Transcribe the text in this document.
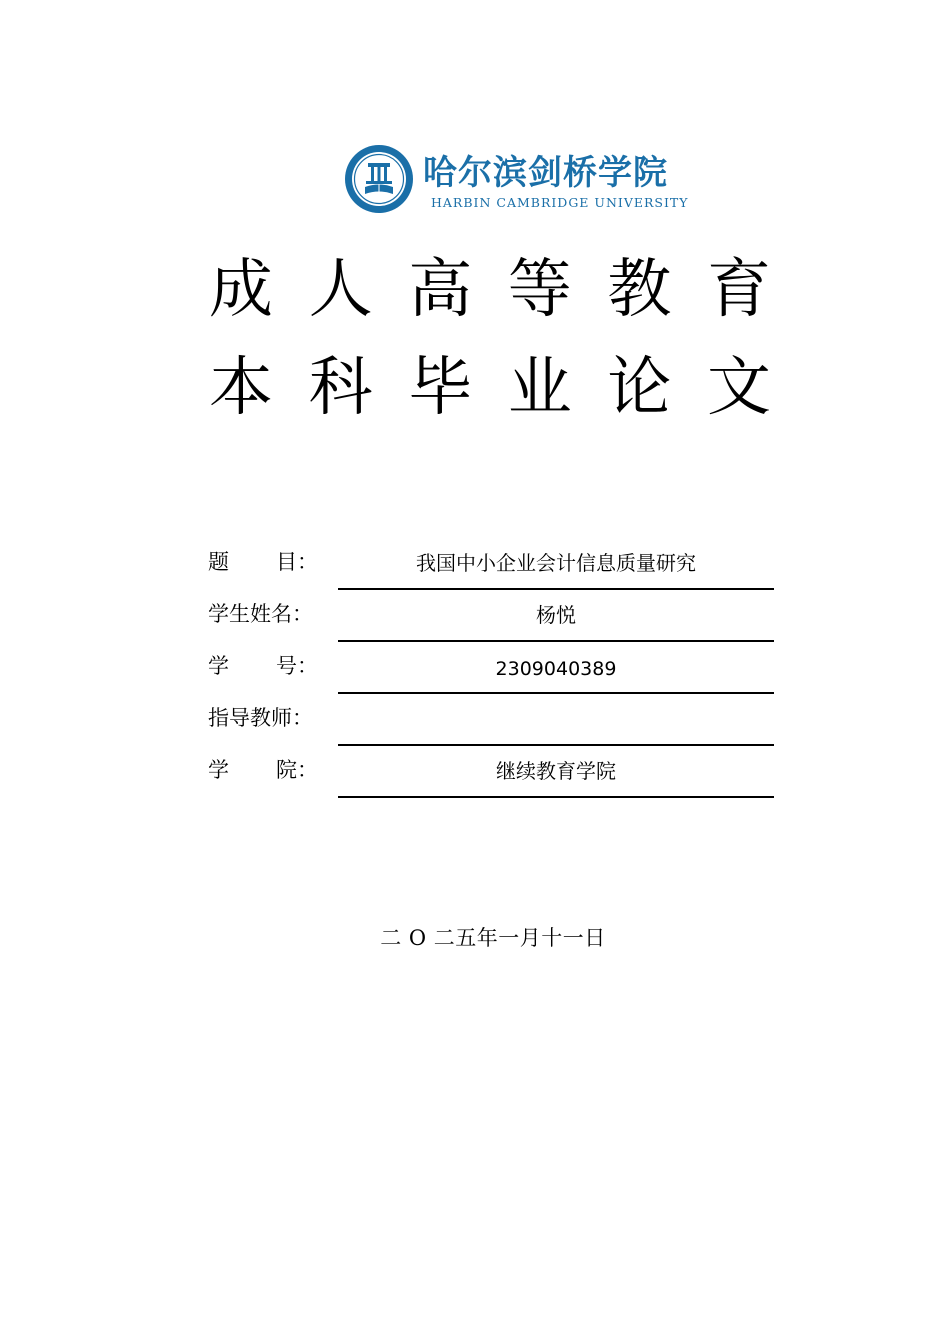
哈尔滨剑桥学院
HARBIN CAMBRIDGE UNIVERSITY
成 人 高 等 教 育
本 科 毕 业 论 文
题 目：	我国中小企业会计信息质量研究
学生姓名：	杨悦
学 号：	2309040389
指导教师：
学 院：	继续教育学院
二 O 二五年一月十一日
